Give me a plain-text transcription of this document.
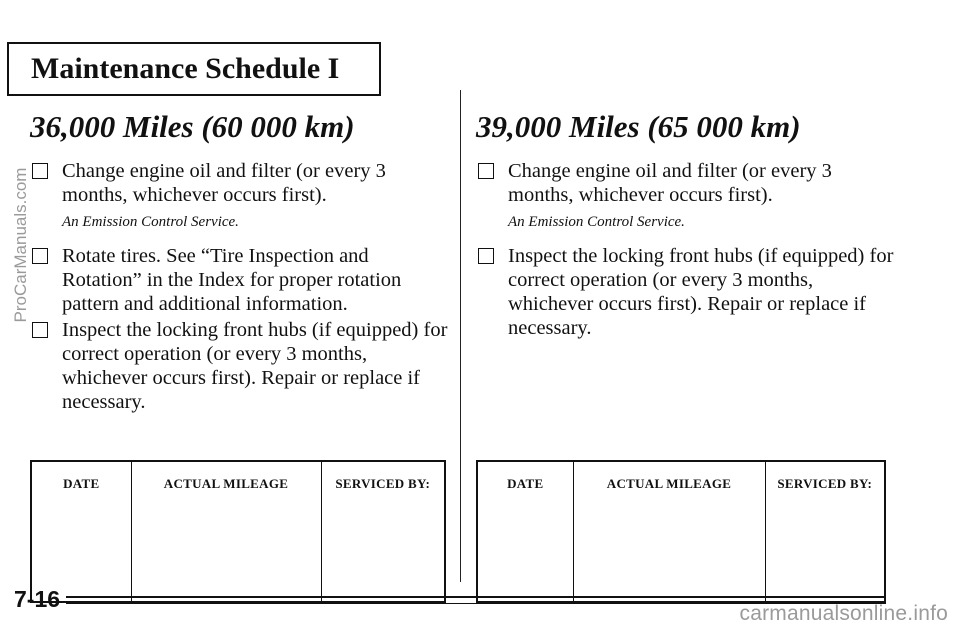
Maintenance Schedule I
36,000 Miles (60 000 km)
Change engine oil and filter (or every 3 months, whichever occurs first).
An Emission Control Service.
Rotate tires. See “Tire Inspection and Rotation” in the Index for proper rotation pattern and additional information.
Inspect the locking front hubs (if equipped) for correct operation (or every 3 months, whichever occurs first). Repair or replace if necessary.
39,000 Miles (65 000 km)
Change engine oil and filter (or every 3 months, whichever occurs first).
An Emission Control Service.
Inspect the locking front hubs (if equipped) for correct operation (or every 3 months, whichever occurs first). Repair or replace if necessary.
DATE	ACTUAL MILEAGE	SERVICED BY:
			DATE	ACTUAL MILEAGE	SERVICED BY:

7-16
ProCarManuals.com
carmanualsonline.info
